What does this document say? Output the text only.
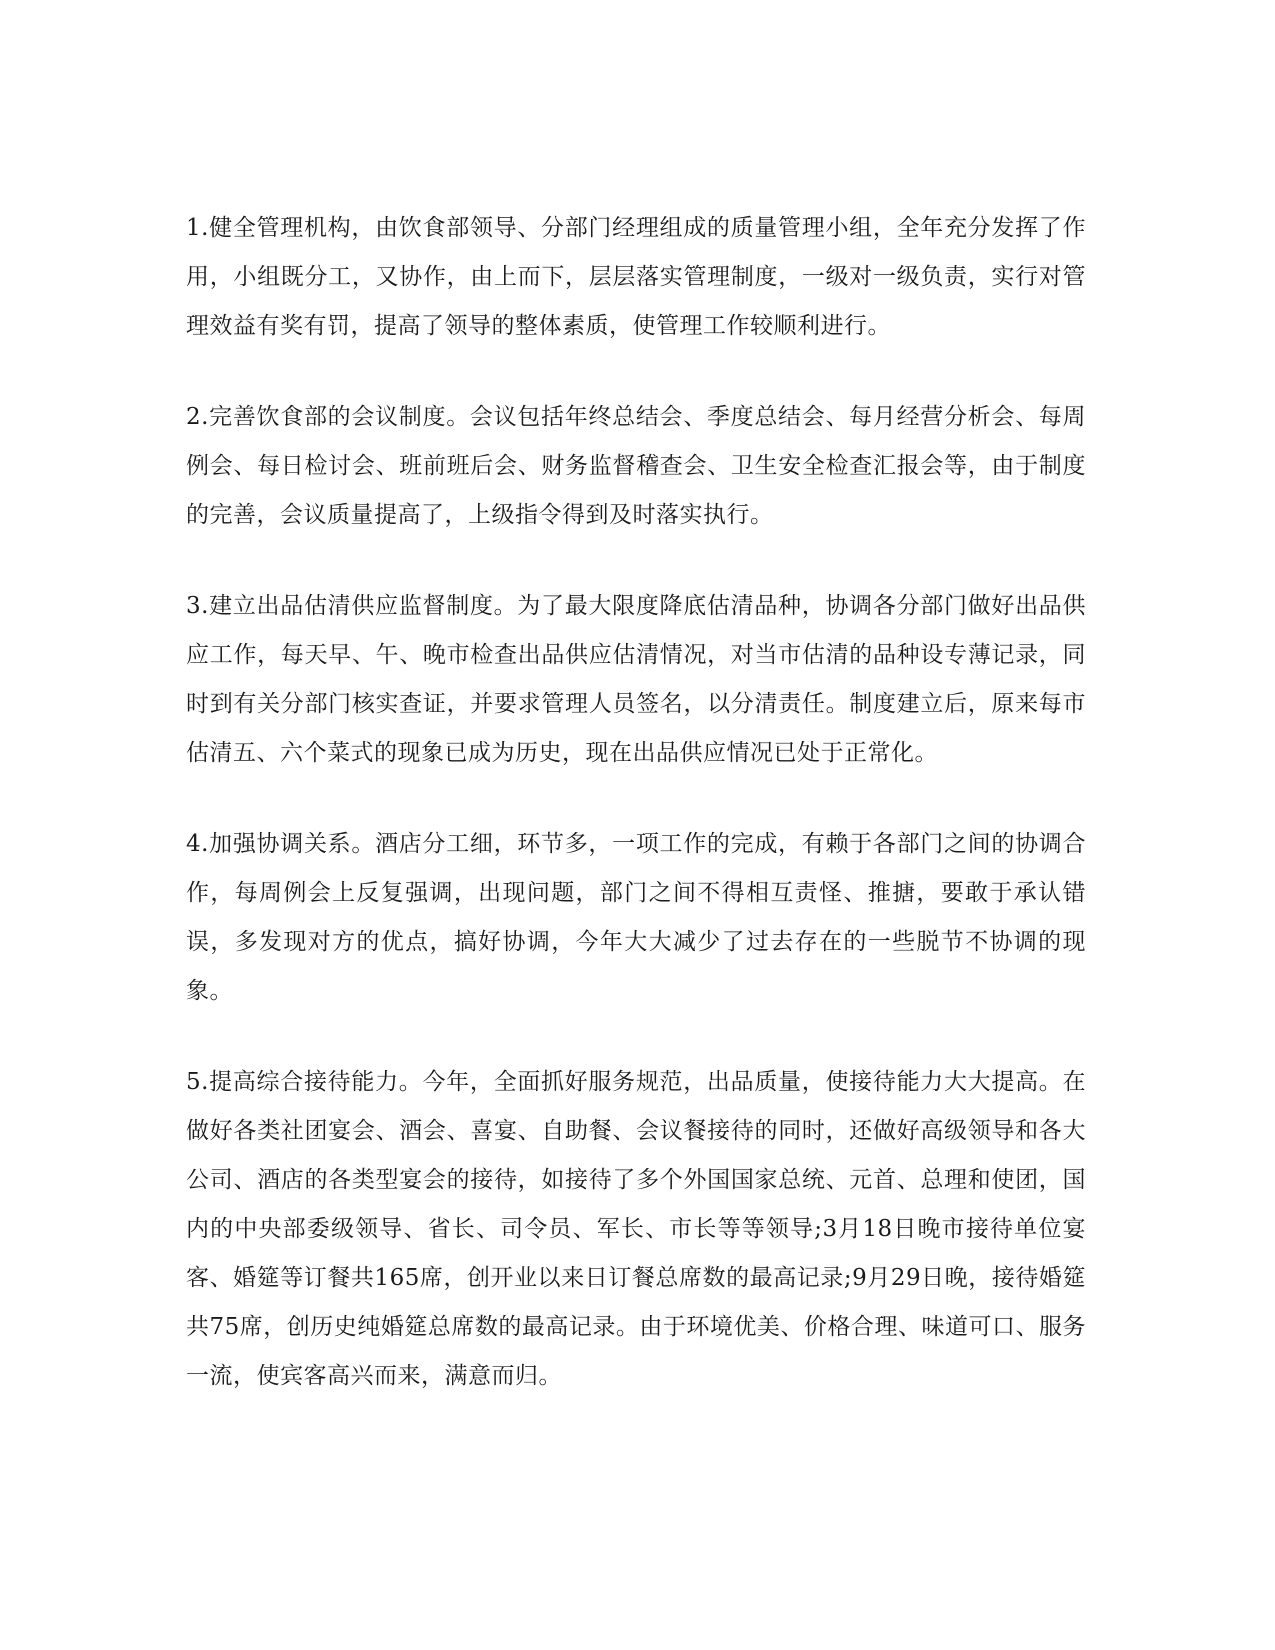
1.健全管理机构，由饮食部领导、分部门经理组成的质量管理小组，全年充分发挥了作用，小组既分工，又协作，由上而下，层层落实管理制度，一级对一级负责，实行对管理效益有奖有罚，提高了领导的整体素质，使管理工作较顺利进行。

2.完善饮食部的会议制度。会议包括年终总结会、季度总结会、每月经营分析会、每周例会、每日检讨会、班前班后会、财务监督稽查会、卫生安全检查汇报会等，由于制度的完善，会议质量提高了，上级指令得到及时落实执行。

3.建立出品估清供应监督制度。为了最大限度降底估清品种，协调各分部门做好出品供应工作，每天早、午、晚市检查出品供应估清情况，对当市估清的品种设专薄记录，同时到有关分部门核实查证，并要求管理人员签名，以分清责任。制度建立后，原来每市估清五、六个菜式的现象已成为历史，现在出品供应情况已处于正常化。

4.加强协调关系。酒店分工细，环节多，一项工作的完成，有赖于各部门之间的协调合作，每周例会上反复强调，出现问题，部门之间不得相互责怪、推搪，要敢于承认错误，多发现对方的优点，搞好协调，今年大大减少了过去存在的一些脱节不协调的现象。

5.提高综合接待能力。今年，全面抓好服务规范，出品质量，使接待能力大大提高。在做好各类社团宴会、酒会、喜宴、自助餐、会议餐接待的同时，还做好高级领导和各大公司、酒店的各类型宴会的接待，如接待了多个外国国家总统、元首、总理和使团，国内的中央部委级领导、省长、司令员、军长、市长等等领导;3月18日晚市接待单位宴客、婚筵等订餐共165席，创开业以来日订餐总席数的最高记录;9月29日晚，接待婚筵共75席，创历史纯婚筵总席数的最高记录。由于环境优美、价格合理、味道可口、服务一流，使宾客高兴而来，满意而归。
